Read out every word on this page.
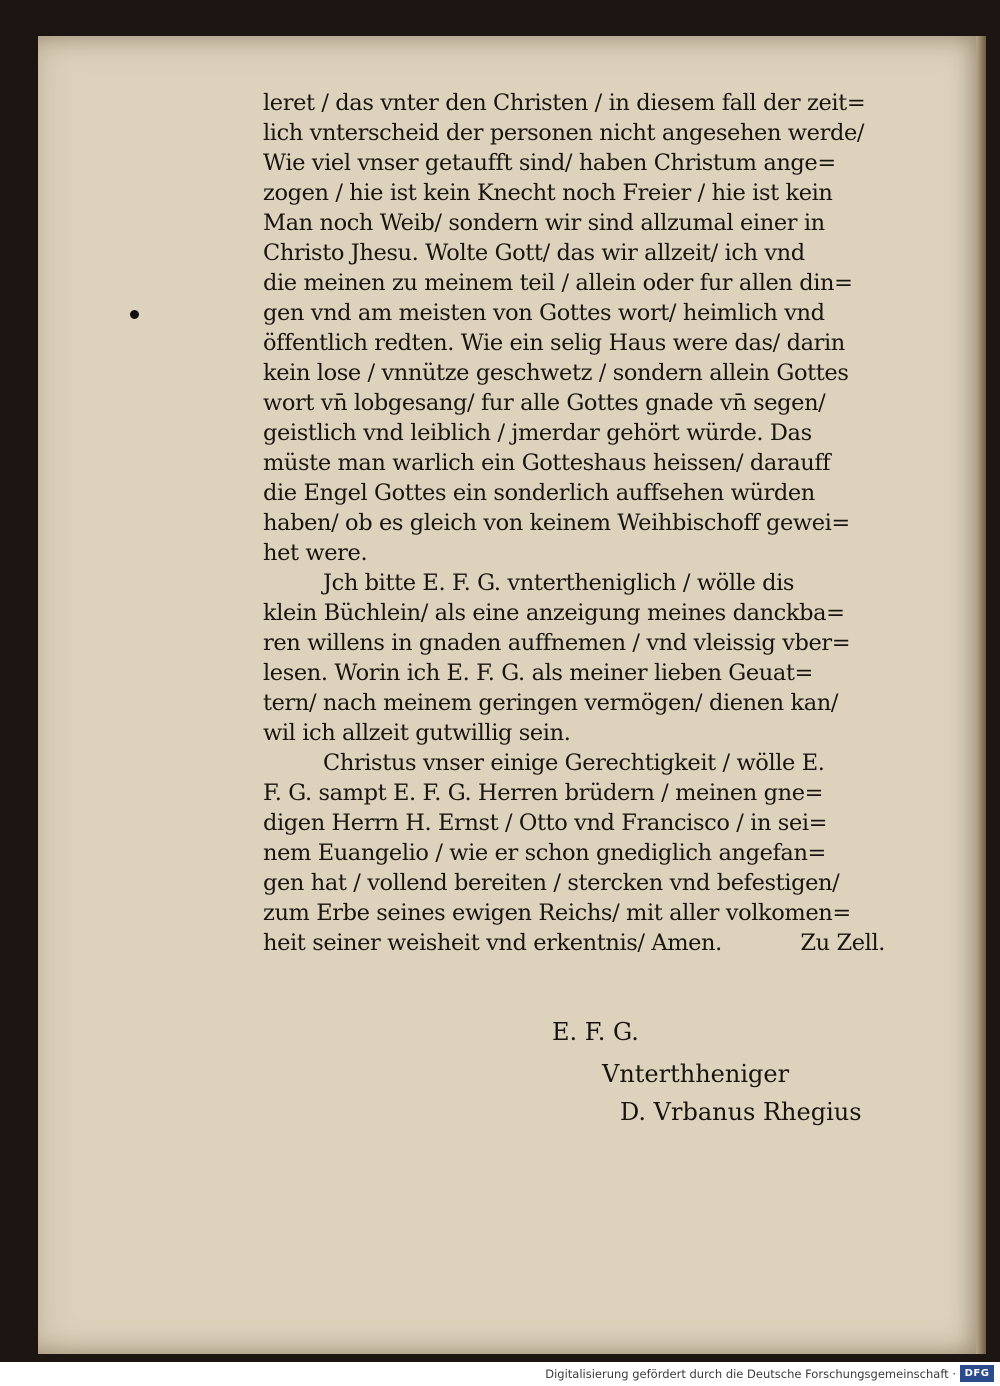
leret / das vnter den Christen / in diesem fall der zeit=
lich vnterscheid der personen nicht angesehen werde/
Wie viel vnser getaufft sind/ haben Christum ange=
zogen / hie ist kein Knecht noch Freier / hie ist kein
Man noch Weib/ sondern wir sind allzumal einer in
Christo Jhesu. Wolte Gott/ das wir allzeit/ ich vnd
die meinen zu meinem teil / allein oder fur allen din=
gen vnd am meisten von Gottes wort/ heimlich vnd
öffentlich redten. Wie ein selig Haus were das/ darin
kein lose / vnnütze geschwetz / sondern allein Gottes
wort vn̄ lobgesang/ fur alle Gottes gnade vn̄ segen/
geistlich vnd leiblich / jmerdar gehört würde. Das
müste man warlich ein Gotteshaus heissen/ darauff
die Engel Gottes ein sonderlich auffsehen würden
haben/ ob es gleich von keinem Weihbischoff gewei=
het were.
Jch bitte E. F. G. vntertheniglich / wölle dis
klein Büchlein/ als eine anzeigung meines danckba=
ren willens in gnaden auffnemen / vnd vleissig vber=
lesen. Worin ich E. F. G. als meiner lieben Geuat=
tern/ nach meinem geringen vermögen/ dienen kan/
wil ich allzeit gutwillig sein.
Christus vnser einige Gerechtigkeit / wölle E.
F. G. sampt E. F. G. Herren brüdern / meinen gne=
digen Herrn H. Ernst / Otto vnd Francisco / in sei=
nem Euangelio / wie er schon gnediglich angefan=
gen hat / vollend bereiten / stercken vnd befestigen/
zum Erbe seines ewigen Reichs/ mit aller volkomen=
heit seiner weisheit vnd erkentnis/ Amen.	Zu Zell.
E. F. G.
Vnterthheniger
D. Vrbanus Rhegius
Digitalisierung gefördert durch die Deutsche Forschungsgemeinschaft · DFG
